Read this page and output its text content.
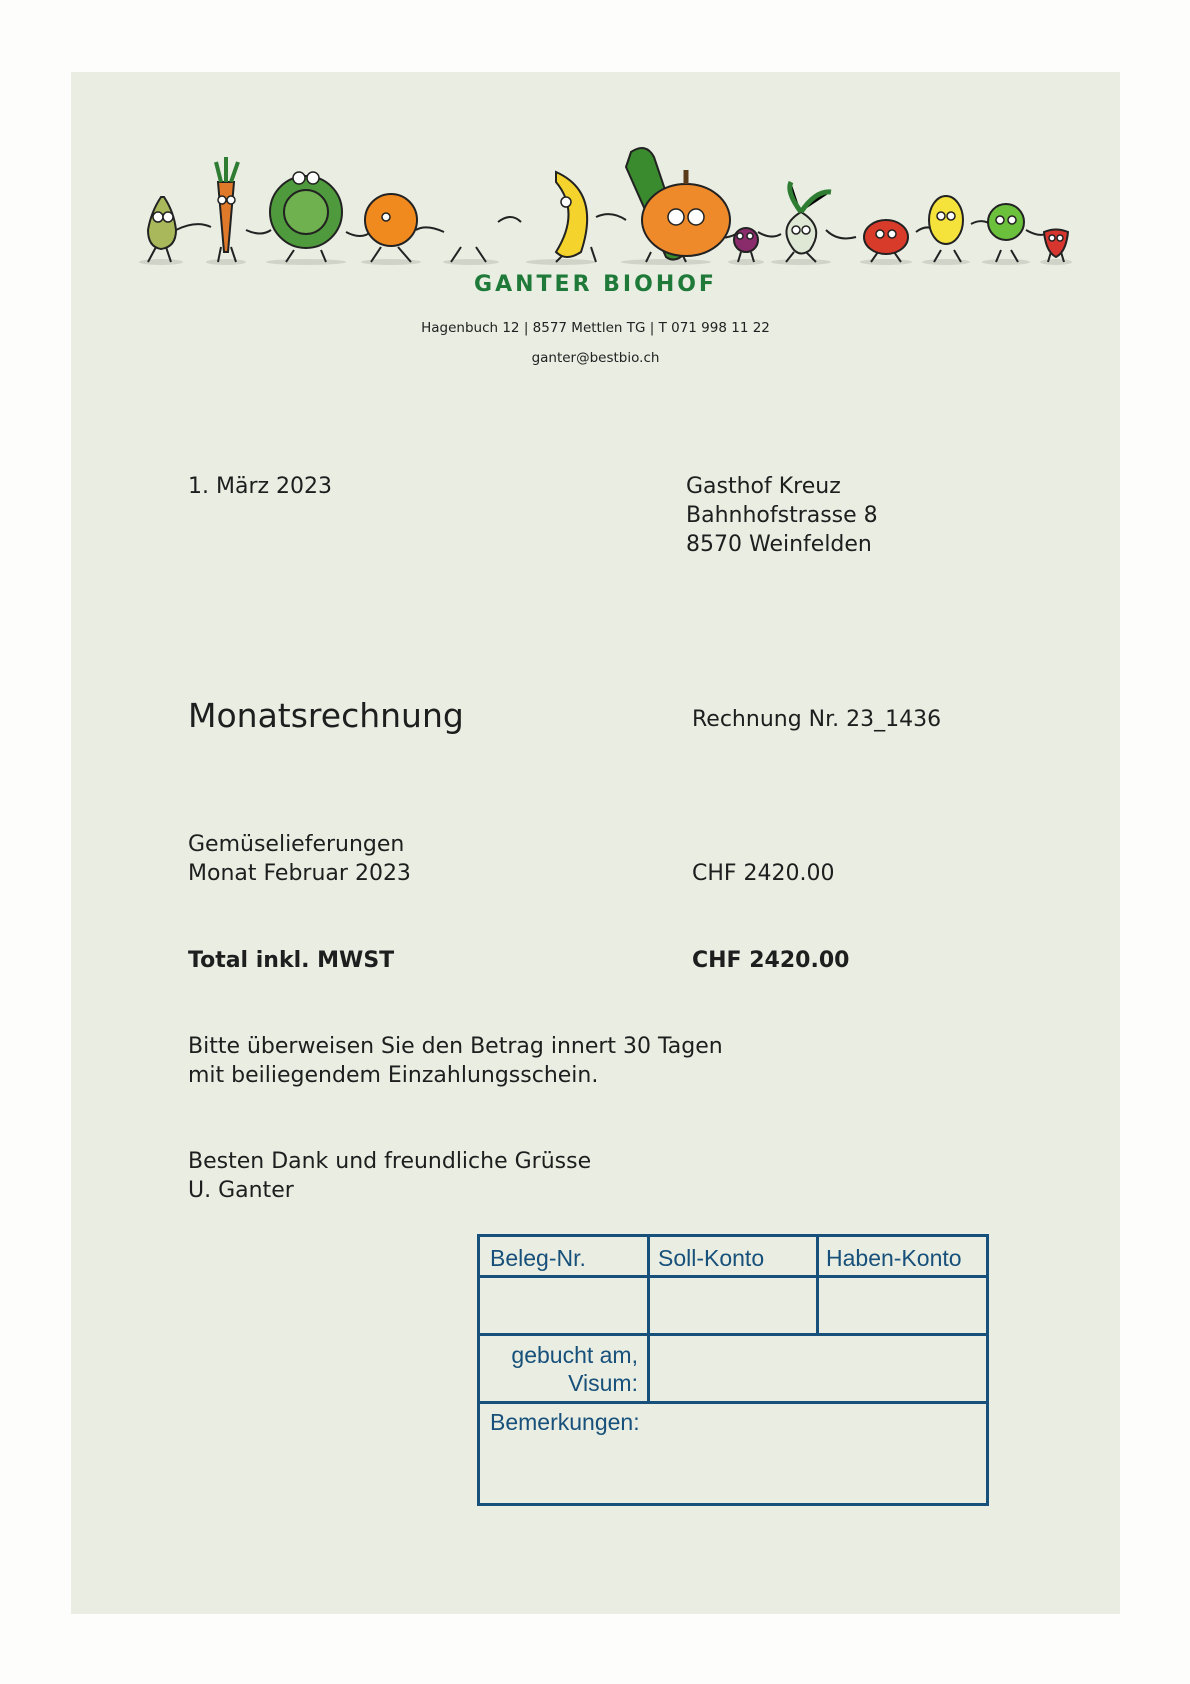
GANTER BIOHOF
Hagenbuch 12 | 8577 Mettlen TG | T 071 998 11 22
ganter@bestbio.ch
1. März 2023	Gasthof Kreuz
Bahnhofstrasse 8
8570 Weinfelden
Monatsrechnung	Rechnung Nr. 23_1436
Gemüselieferungen
Monat Februar 2023	CHF 2420.00
Total inkl. MWST	CHF 2420.00
Bitte überweisen Sie den Betrag innert 30 Tagen
mit beiliegendem Einzahlungsschein.
Besten Dank und freundliche Grüsse
U. Ganter
Beleg-Nr.	Soll-Konto	Haben-Konto
gebucht am,
Visum:
Bemerkungen:
